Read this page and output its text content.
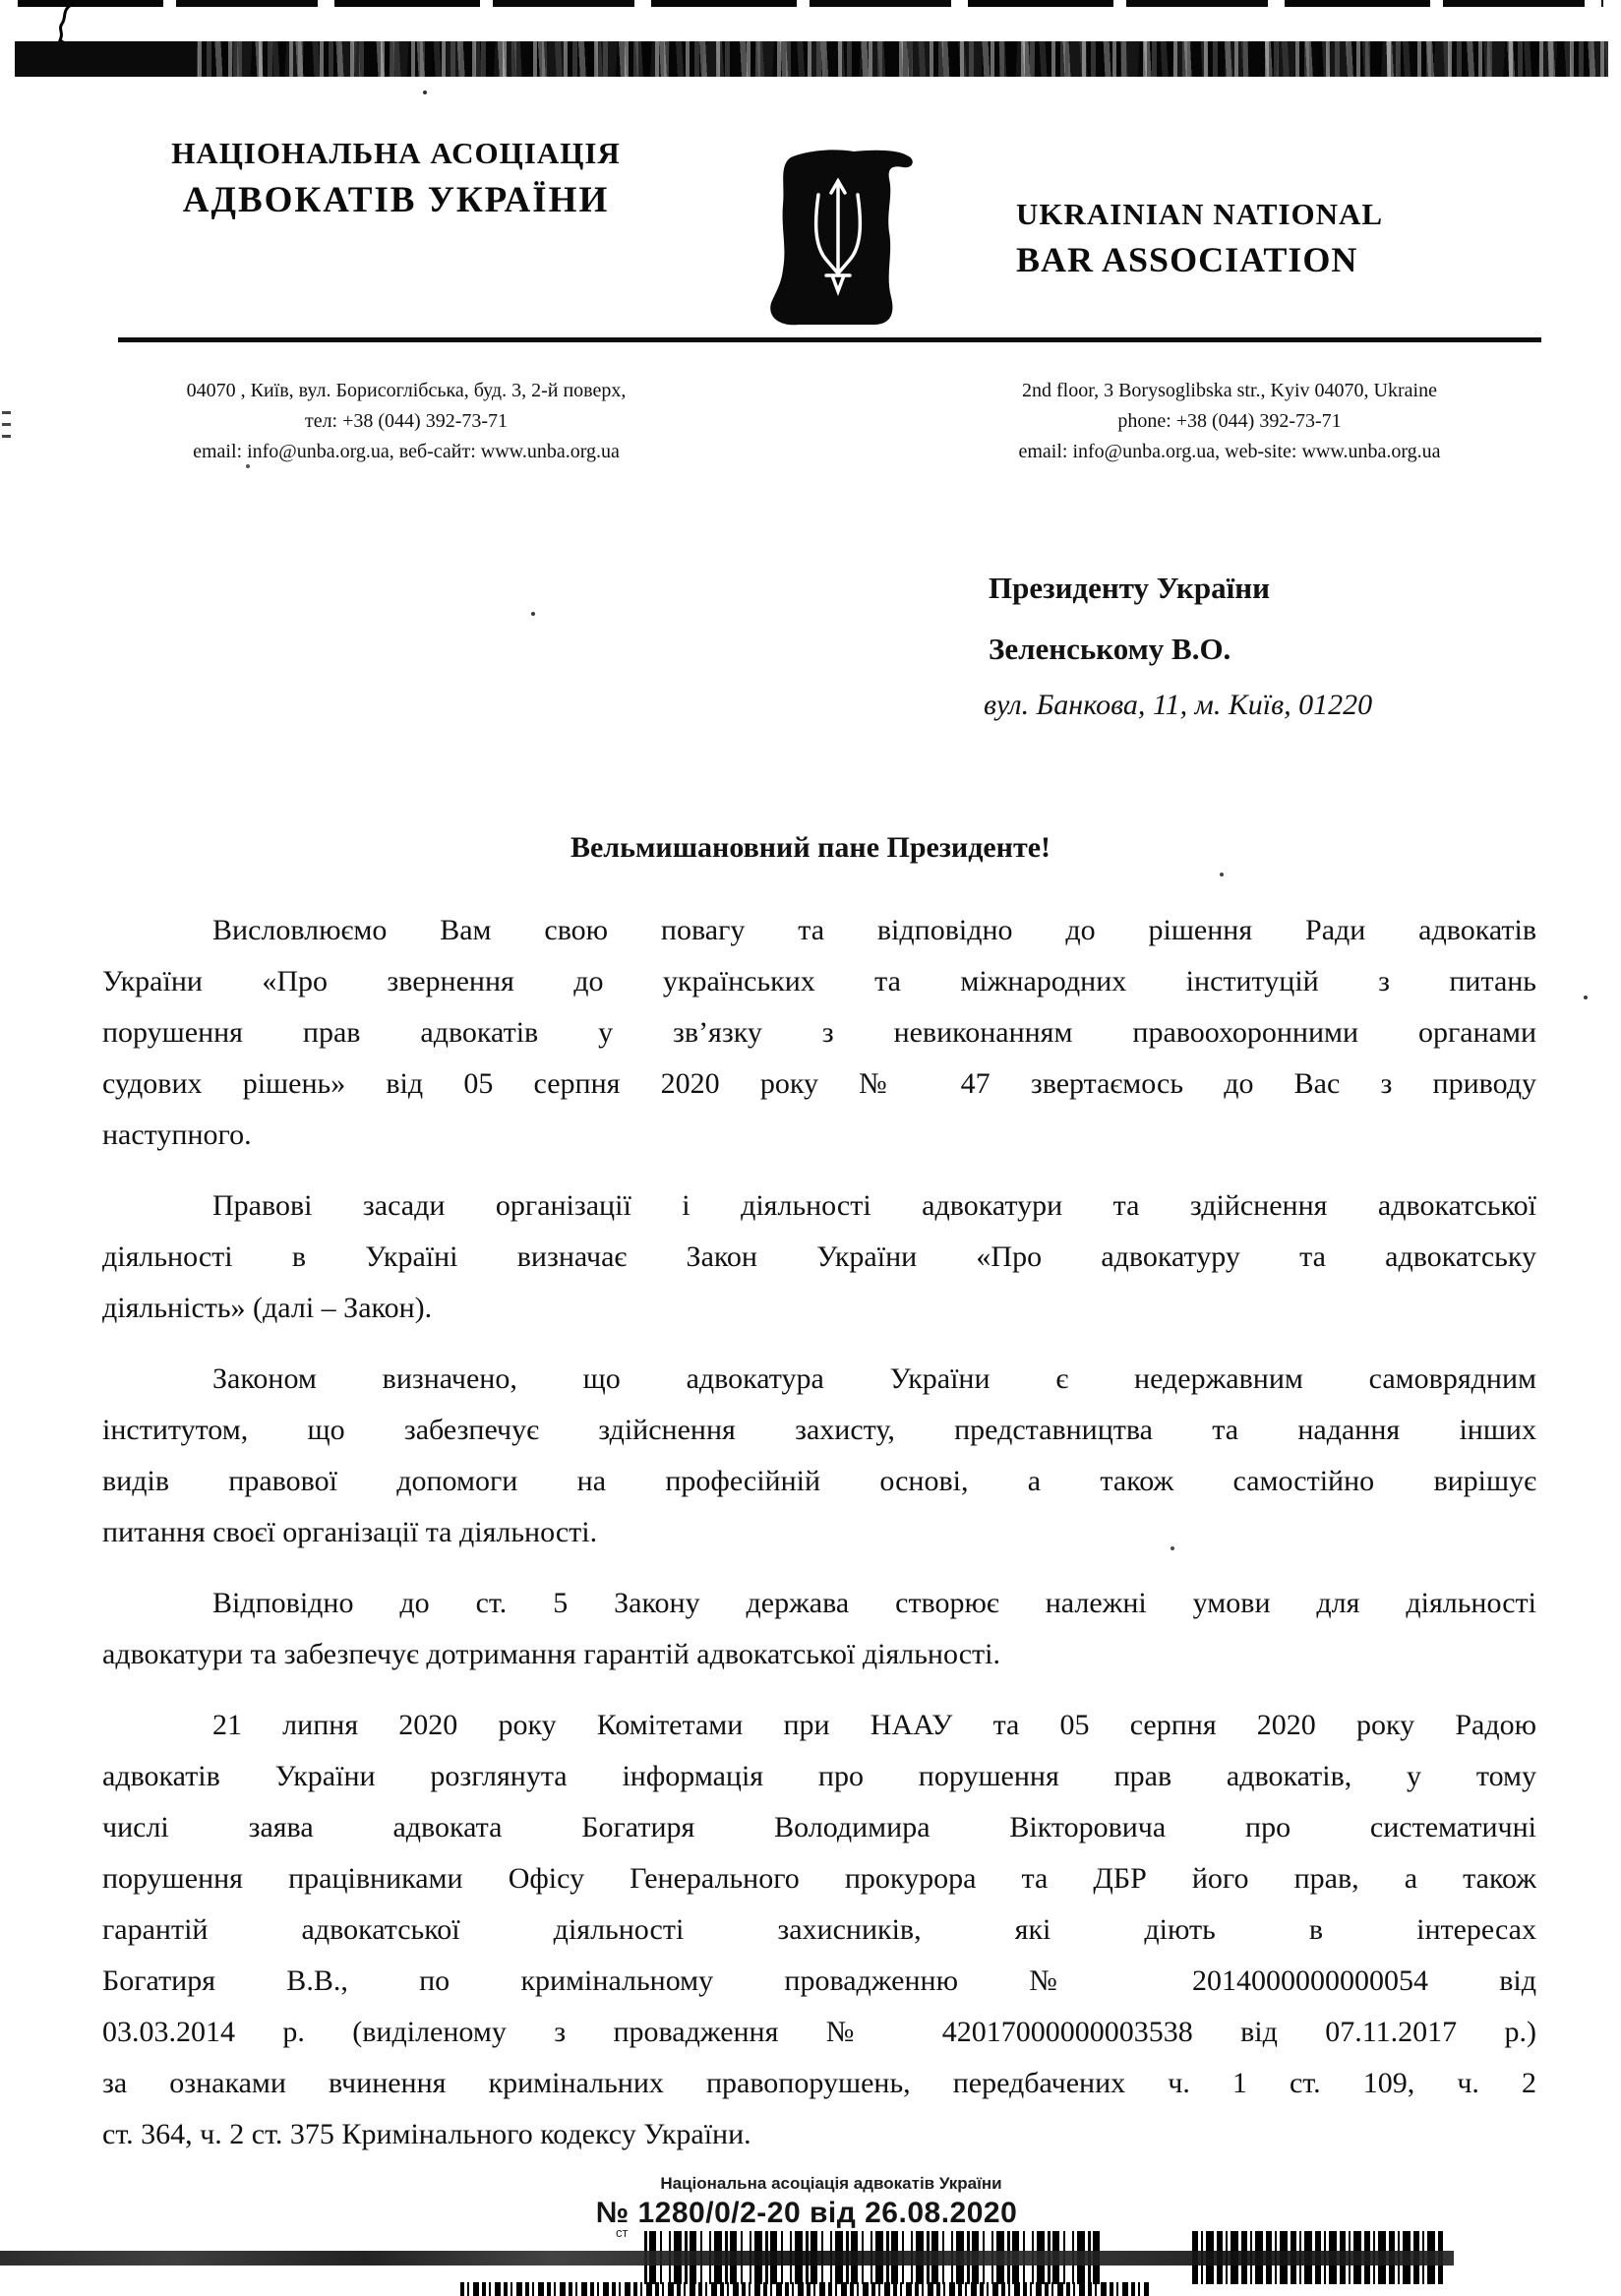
НАЦІОНАЛЬНА АСОЦІАЦІЯ
АДВОКАТІВ УКРАЇНИ	UKRAINIAN NATIONAL
BAR ASSOCIATION
04070 , Київ, вул. Борисоглібська, буд. 3, 2-й поверх,
тел: +38 (044) 392-73-71
email: info@unba.org.ua, веб-сайт: www.unba.org.ua
2nd floor, 3 Borysoglibska str., Kyiv 04070, Ukraine
phone: +38 (044) 392-73-71
email: info@unba.org.ua, web-site: www.unba.org.ua
Президенту України
Зеленському В.О.
вул. Банкова, 11, м. Київ, 01220
Вельмишановний пане Президенте!
Висловлюємо Вам свою повагу та відповідно до рішення Ради адвокатів
України «Про звернення до українських та міжнародних інституцій з питань
порушення прав адвокатів у зв’язку з невиконанням правоохоронними органами
судових рішень» від 05 серпня 2020 року № 47 звертаємось до Вас з приводу
наступного.
Правові засади організації і діяльності адвокатури та здійснення адвокатської
діяльності в Україні визначає Закон України «Про адвокатуру та адвокатську
діяльність» (далі – Закон).
Законом визначено, що адвокатура України є недержавним самоврядним
інститутом, що забезпечує здійснення захисту, представництва та надання інших
видів правової допомоги на професійній основі, а також самостійно вирішує
питання своєї організації та діяльності.
Відповідно до ст. 5 Закону держава створює належні умови для діяльності
адвокатури та забезпечує дотримання гарантій адвокатської діяльності.
21 липня 2020 року Комітетами при НААУ та 05 серпня 2020 року Радою
адвокатів України розглянута інформація про порушення прав адвокатів, у тому
числі заява адвоката Богатиря Володимира Вікторовича про систематичні
порушення працівниками Офісу Генерального прокурора та ДБР його прав, а також
гарантій адвокатської діяльності захисників, які діють в інтересах
Богатиря В.В., по кримінальному провадженню № 2014000000000054 від
03.03.2014 р. (виділеному з провадження № 42017000000003538 від 07.11.2017 р.)
за ознаками вчинення кримінальних правопорушень, передбачених ч. 1 ст. 109, ч. 2
ст. 364, ч. 2 ст. 375 Кримінального кодексу України.
Національна асоціація адвокатів України
№ 1280/0/2-20 від 26.08.2020
ст
